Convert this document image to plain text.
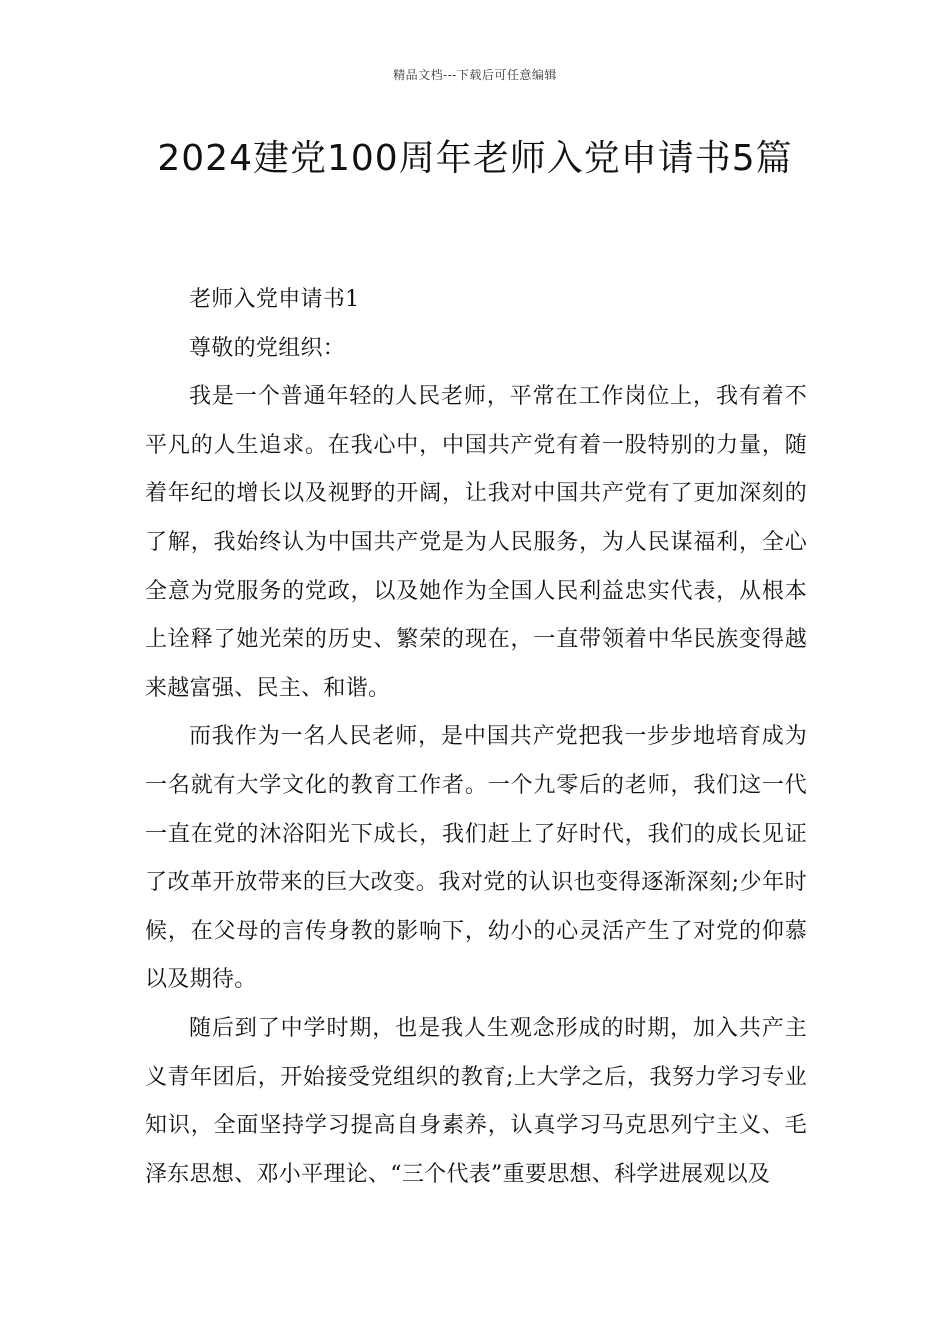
精品文档---下载后可任意编辑
2024建党100周年老师入党申请书5篇

老师入党申请书1

尊敬的党组织：

我是一个普通年轻的人民老师，平常在工作岗位上，我有着不平凡的人生追求。在我心中，中国共产党有着一股特别的力量，随着年纪的增长以及视野的开阔，让我对中国共产党有了更加深刻的了解，我始终认为中国共产党是为人民服务，为人民谋福利，全心全意为党服务的党政，以及她作为全国人民利益忠实代表，从根本上诠释了她光荣的历史、繁荣的现在，一直带领着中华民族变得越来越富强、民主、和谐。

而我作为一名人民老师，是中国共产党把我一步步地培育成为一名就有大学文化的教育工作者。一个九零后的老师，我们这一代一直在党的沐浴阳光下成长，我们赶上了好时代，我们的成长见证了改革开放带来的巨大改变。我对党的认识也变得逐渐深刻;少年时候，在父母的言传身教的影响下，幼小的心灵活产生了对党的仰慕以及期待。

随后到了中学时期，也是我人生观念形成的时期，加入共产主义青年团后，开始接受党组织的教育;上大学之后，我努力学习专业知识，全面坚持学习提高自身素养，认真学习马克思列宁主义、毛泽东思想、邓小平理论、“三个代表”重要思想、科学进展观以及
